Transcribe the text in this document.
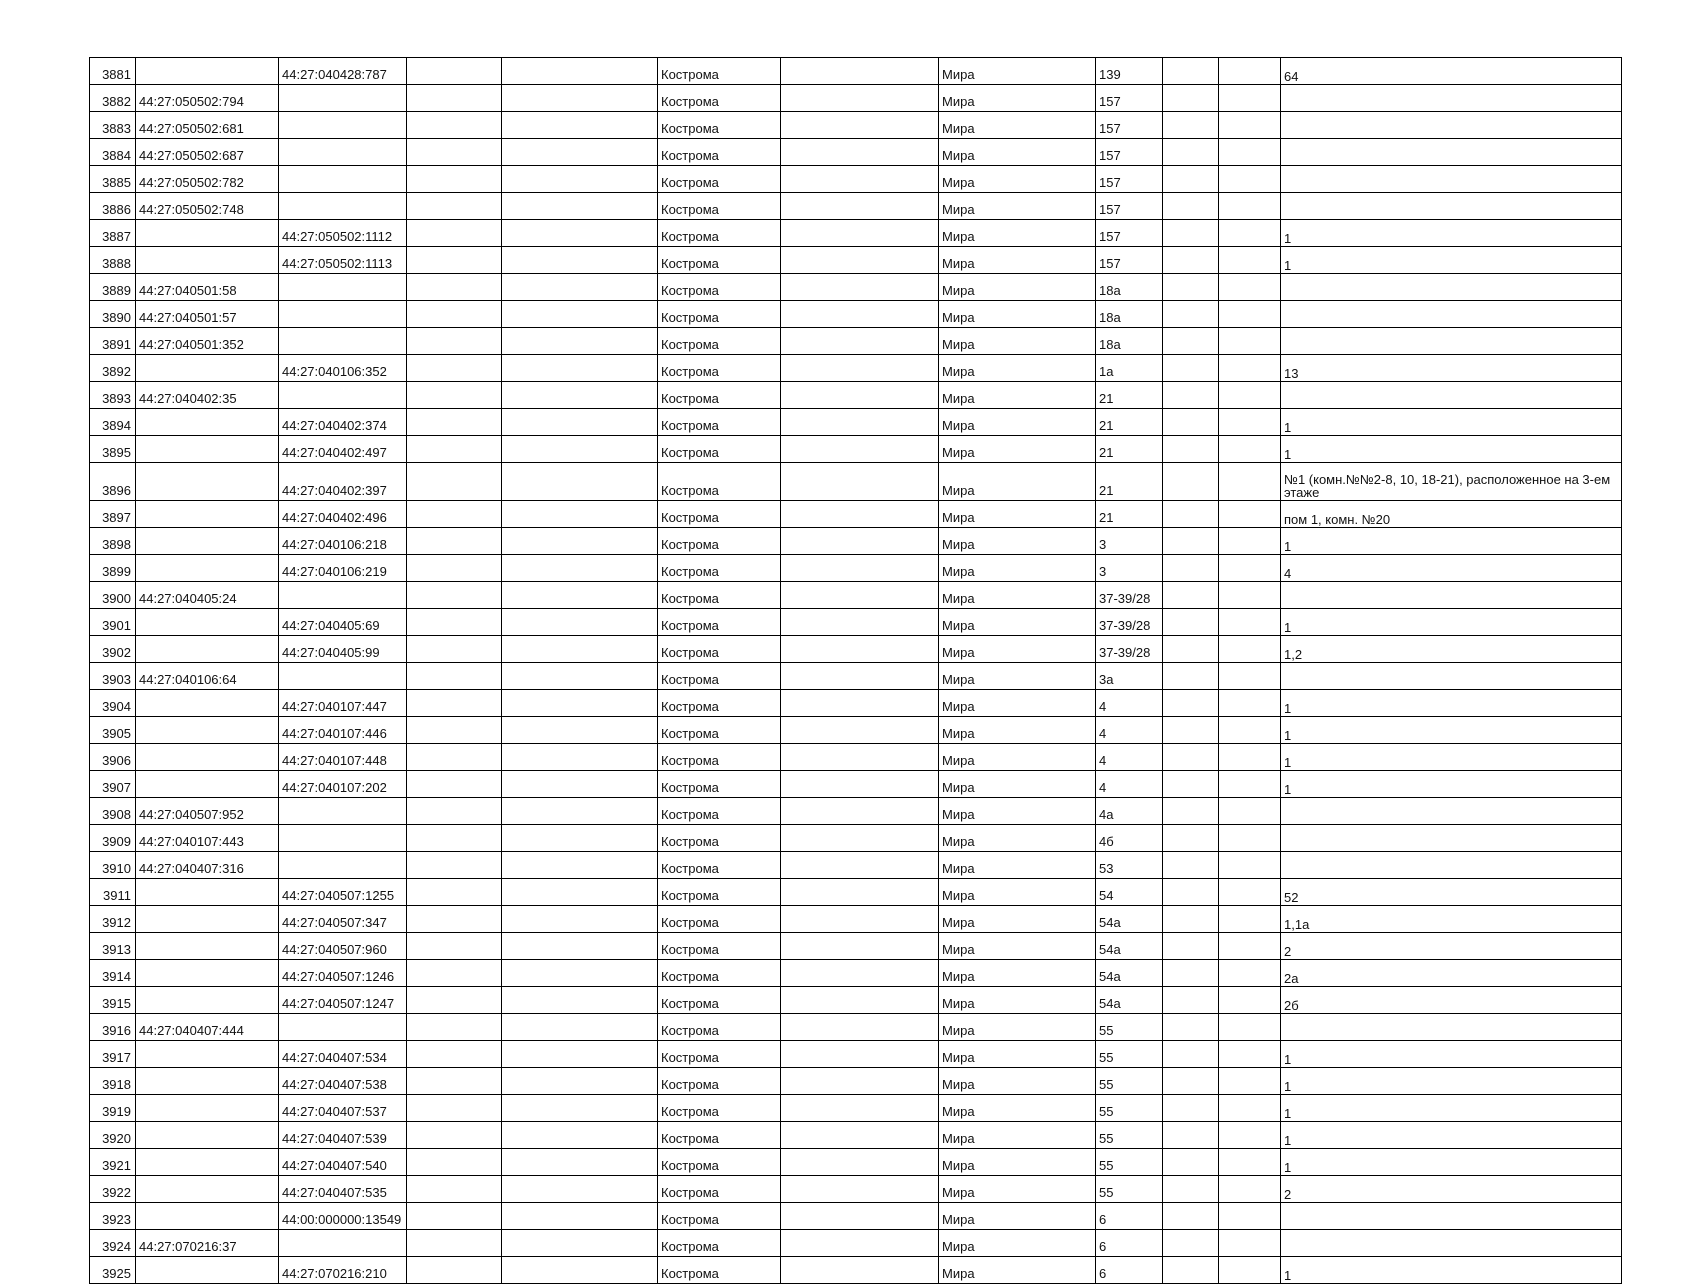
3881		44:27:040428:787			Кострома		Мира	139			64
3882	44:27:050502:794				Кострома		Мира	157			
3883	44:27:050502:681				Кострома		Мира	157			
3884	44:27:050502:687				Кострома		Мира	157			
3885	44:27:050502:782				Кострома		Мира	157			
3886	44:27:050502:748				Кострома		Мира	157			
3887		44:27:050502:1112			Кострома		Мира	157			1
3888		44:27:050502:1113			Кострома		Мира	157			1
3889	44:27:040501:58				Кострома		Мира	18а			
3890	44:27:040501:57				Кострома		Мира	18а			
3891	44:27:040501:352				Кострома		Мира	18а			
3892		44:27:040106:352			Кострома		Мира	1а			13
3893	44:27:040402:35				Кострома		Мира	21			
3894		44:27:040402:374			Кострома		Мира	21			1
3895		44:27:040402:497			Кострома		Мира	21			1
3896		44:27:040402:397			Кострома		Мира	21			№1 (комн.№№2-8, 10, 18-21), расположенное на 3-ем этаже
3897		44:27:040402:496			Кострома		Мира	21			пом 1, комн. №20
3898		44:27:040106:218			Кострома		Мира	3			1
3899		44:27:040106:219			Кострома		Мира	3			4
3900	44:27:040405:24				Кострома		Мира	37-39/28			
3901		44:27:040405:69			Кострома		Мира	37-39/28			1
3902		44:27:040405:99			Кострома		Мира	37-39/28			1,2
3903	44:27:040106:64				Кострома		Мира	3а			
3904		44:27:040107:447			Кострома		Мира	4			1
3905		44:27:040107:446			Кострома		Мира	4			1
3906		44:27:040107:448			Кострома		Мира	4			1
3907		44:27:040107:202			Кострома		Мира	4			1
3908	44:27:040507:952				Кострома		Мира	4а			
3909	44:27:040107:443				Кострома		Мира	4б			
3910	44:27:040407:316				Кострома		Мира	53			
3911		44:27:040507:1255			Кострома		Мира	54			52
3912		44:27:040507:347			Кострома		Мира	54а			1,1а
3913		44:27:040507:960			Кострома		Мира	54а			2
3914		44:27:040507:1246			Кострома		Мира	54а			2а
3915		44:27:040507:1247			Кострома		Мира	54а			2б
3916	44:27:040407:444				Кострома		Мира	55			
3917		44:27:040407:534			Кострома		Мира	55			1
3918		44:27:040407:538			Кострома		Мира	55			1
3919		44:27:040407:537			Кострома		Мира	55			1
3920		44:27:040407:539			Кострома		Мира	55			1
3921		44:27:040407:540			Кострома		Мира	55			1
3922		44:27:040407:535			Кострома		Мира	55			2
3923		44:00:000000:13549			Кострома		Мира	6			
3924	44:27:070216:37				Кострома		Мира	6			
3925		44:27:070216:210			Кострома		Мира	6			1
